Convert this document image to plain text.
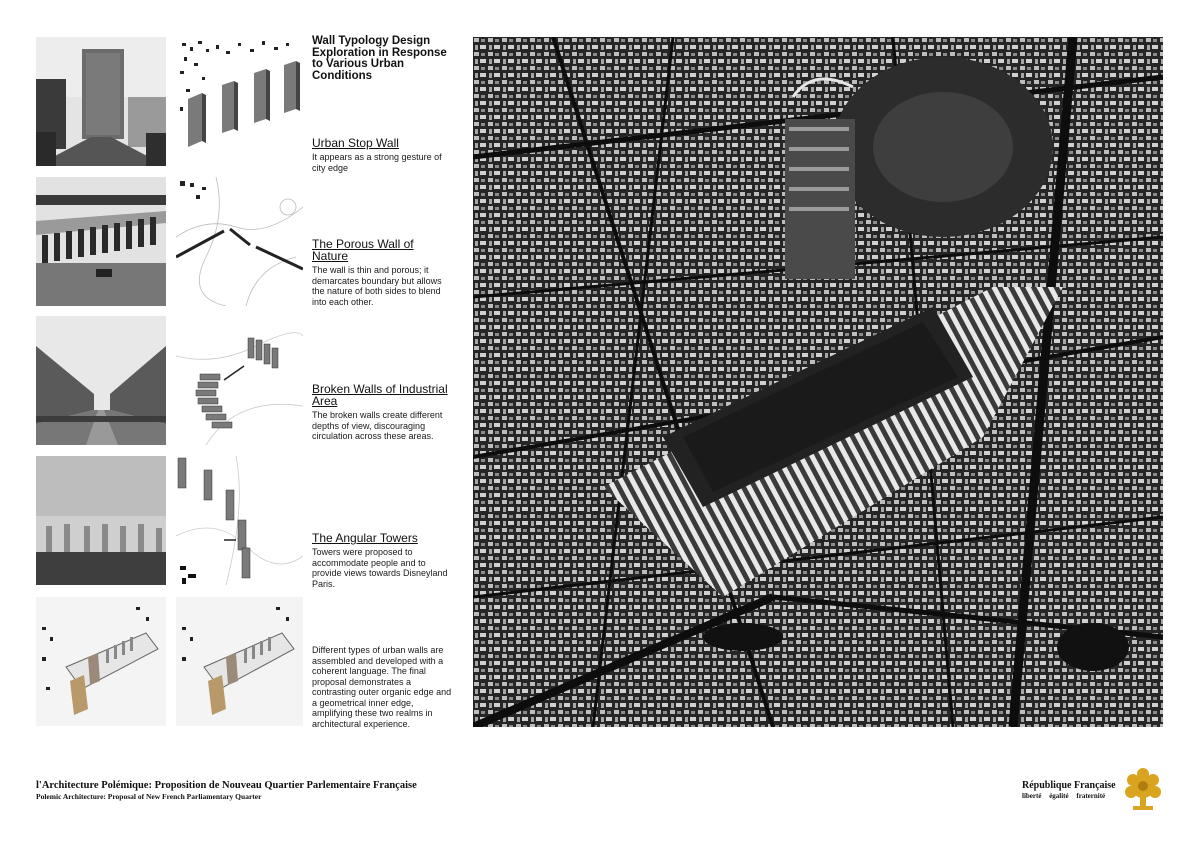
Wall Typology Design Exploration in Response to Various Urban Conditions
Urban Stop Wall

It appears as a strong gesture of city edge

The Porous Wall of Nature

The wall is thin and porous; it demarcates boundary but allows the nature of both sides to blend into each other.

Broken Walls of Industrial Area

The broken walls create different depths of view, discouraging circulation across these areas.

The Angular Towers

Towers were proposed to accommodate people and to provide views towards Disneyland Paris.

Different types of urban walls are assembled and developed with a coherent language. The final proposal demonstrates a contrasting outer organic edge and a geometrical inner edge, amplifying these two realms in architectural experience.

l'Architecture Polémique: Proposition de Nouveau Quartier Parlementaire Française
Polemic Architecture: Proposal of New French Parliamentary Quarter
République Française
liberté égalité fraternité
